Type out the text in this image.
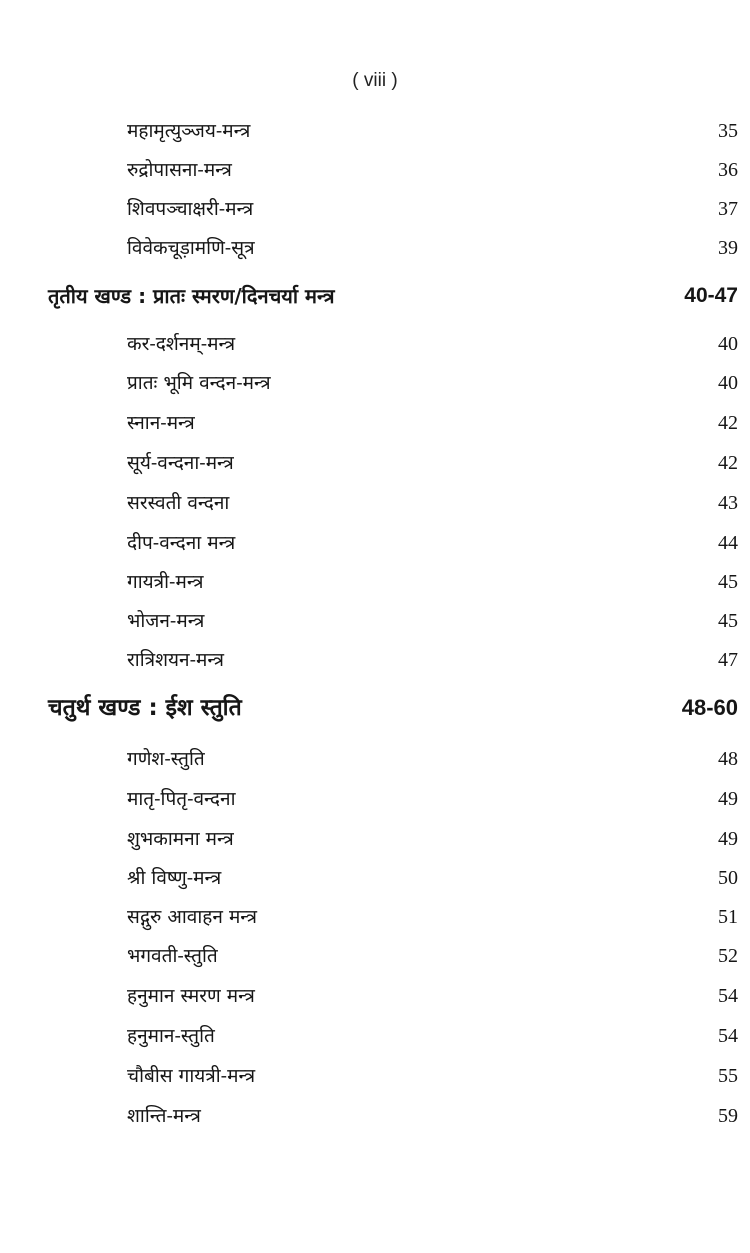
( viii )
महामृत्युञ्जय-मन्त्र	35
रुद्रोपासना-मन्त्र	36
शिवपञ्चाक्षरी-मन्त्र	37
विवेकचूड़ामणि-सूत्र	39
तृतीय खण्ड : प्रातः स्मरण/दिनचर्या मन्त्र	40-47
कर-दर्शनम्-मन्त्र	40
प्रातः भूमि वन्दन-मन्त्र	40
स्नान-मन्त्र	42
सूर्य-वन्दना-मन्त्र	42
सरस्वती वन्दना	43
दीप-वन्दना मन्त्र	44
गायत्री-मन्त्र	45
भोजन-मन्त्र	45
रात्रिशयन-मन्त्र	47
चतुर्थ खण्ड : ईश स्तुति	48-60
गणेश-स्तुति	48
मातृ-पितृ-वन्दना	49
शुभकामना मन्त्र	49
श्री विष्णु-मन्त्र	50
सद्गुरु आवाहन मन्त्र	51
भगवती-स्तुति	52
हनुमान स्मरण मन्त्र	54
हनुमान-स्तुति	54
चौबीस गायत्री-मन्त्र	55
शान्ति-मन्त्र	59
